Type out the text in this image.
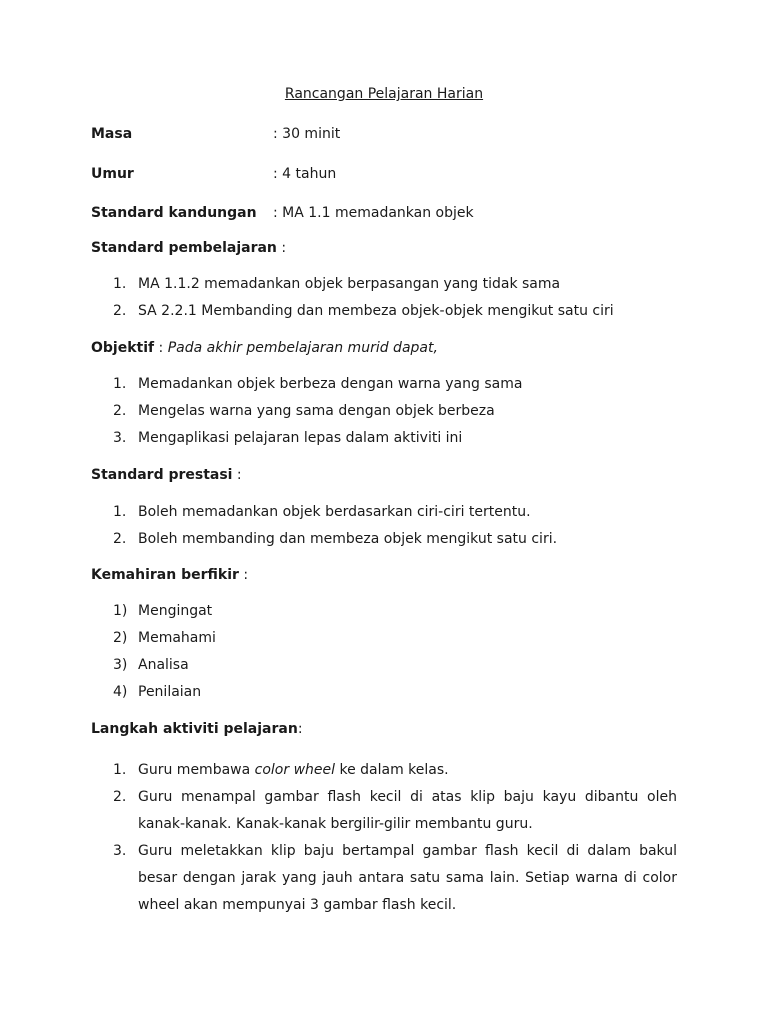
Rancangan Pelajaran Harian
Masa	: 30 minit
Umur	: 4 tahun
Standard kandungan : MA 1.1 memadankan objek
Standard pembelajaran :
1. MA 1.1.2 memadankan objek berpasangan yang tidak sama
2. SA 2.2.1 Membanding dan membeza objek-objek mengikut satu ciri
Objektif : Pada akhir pembelajaran murid dapat,
1. Memadankan objek berbeza dengan warna yang sama
2. Mengelas warna yang sama dengan objek berbeza
3. Mengaplikasi pelajaran lepas dalam aktiviti ini
Standard prestasi :
1. Boleh memadankan objek berdasarkan ciri-ciri tertentu.
2. Boleh membanding dan membeza objek mengikut satu ciri.
Kemahiran berfikir :
1) Mengingat
2) Memahami
3) Analisa
4) Penilaian
Langkah aktiviti pelajaran:
1. Guru membawa color wheel ke dalam kelas.
2. Guru menampal gambar flash kecil di atas klip baju kayu dibantu oleh kanak-kanak. Kanak-kanak bergilir-gilir membantu guru.
3. Guru meletakkan klip baju bertampal gambar flash kecil di dalam bakul besar dengan jarak yang jauh antara satu sama lain. Setiap warna di color wheel akan mempunyai 3 gambar flash kecil.
